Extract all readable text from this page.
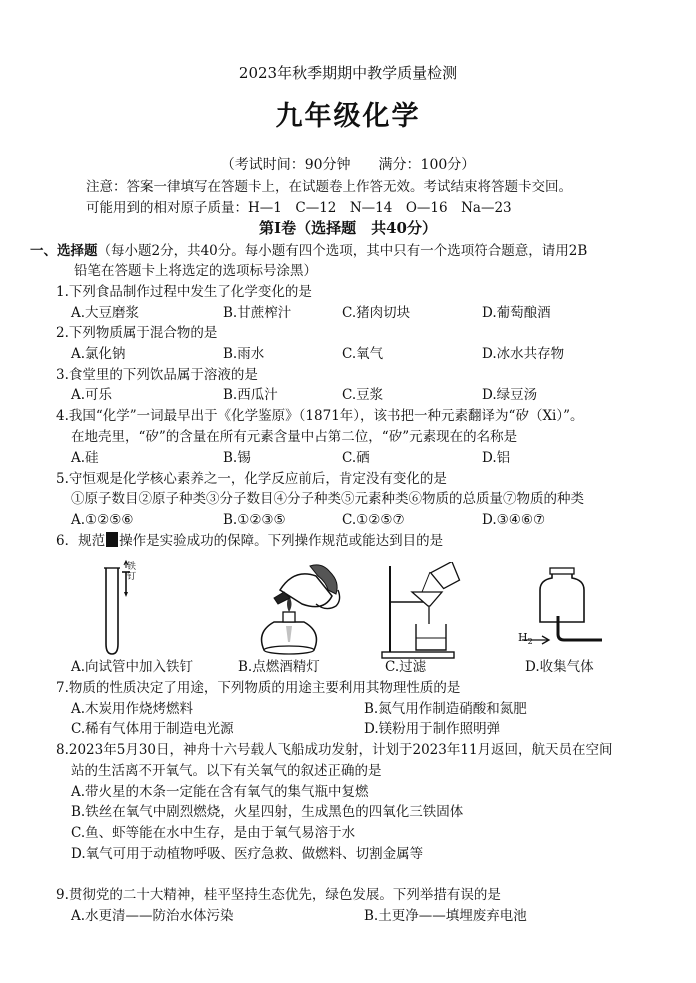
2023年秋季期期中教学质量检测
九年级化学
（考试时间：90分钟　　满分：100分）
注意：答案一律填写在答题卡上，在试题卷上作答无效。考试结束将答题卡交回。
可能用到的相对原子质量：H—1　C—12　N—14　O—16　Na—23
第Ⅰ卷（选择题　共40分）
一、选择题（每小题2分，共40分。每小题有四个选项，其中只有一个选项符合题意，请用2B
铅笔在答题卡上将选定的选项标号涂黑）
1.下列食品制作过程中发生了化学变化的是
A.大豆磨浆	B.甘蔗榨汁	C.猪肉切块	D.葡萄酿酒
2.下列物质属于混合物的是
A.氯化钠	B.雨水	C.氧气	D.冰水共存物
3.食堂里的下列饮品属于溶液的是
A.可乐	B.西瓜汁	C.豆浆	D.绿豆汤
4.我国“化学”一词最早出于《化学鉴原》（1871年），该书把一种元素翻译为“矽（Xi）”。
在地壳里，“矽”的含量在所有元素含量中占第二位，“矽”元素现在的名称是
A.硅	B.锡	C.硒	D.铝
5.守恒观是化学核心素养之一，化学反应前后，肯定没有变化的是
①原子数目②原子种类③分子数目④分子种类⑤元素种类⑥物质的总质量⑦物质的种类
A.①②⑤⑥	B.①②③⑤	C.①②⑤⑦	D.③④⑥⑦
6．规范 操作是实验成功的保障。下列操作规范或能达到目的是
铁钉
$H_2$
A.向试管中加入铁钉	B.点燃酒精灯	C.过滤	D.收集气体
7.物质的性质决定了用途，下列物质的用途主要利用其物理性质的是
A.木炭用作烧烤燃料	B.氮气用作制造硝酸和氮肥
C.稀有气体用于制造电光源	D.镁粉用于制作照明弹
8.2023年5月30日，神舟十六号载人飞船成功发射，计划于2023年11月返回，航天员在空间
站的生活离不开氧气。以下有关氧气的叙述正确的是
A.带火星的木条一定能在含有氧气的集气瓶中复燃
B.铁丝在氧气中剧烈燃烧，火星四射，生成黑色的四氧化三铁固体
C.鱼、虾等能在水中生存，是由于氧气易溶于水
D.氧气可用于动植物呼吸、医疗急救、做燃料、切割金属等
9.贯彻党的二十大精神，桂平坚持生态优先，绿色发展。下列举措有误的是
A.水更清——防治水体污染	B.土更净——填埋废弃电池
